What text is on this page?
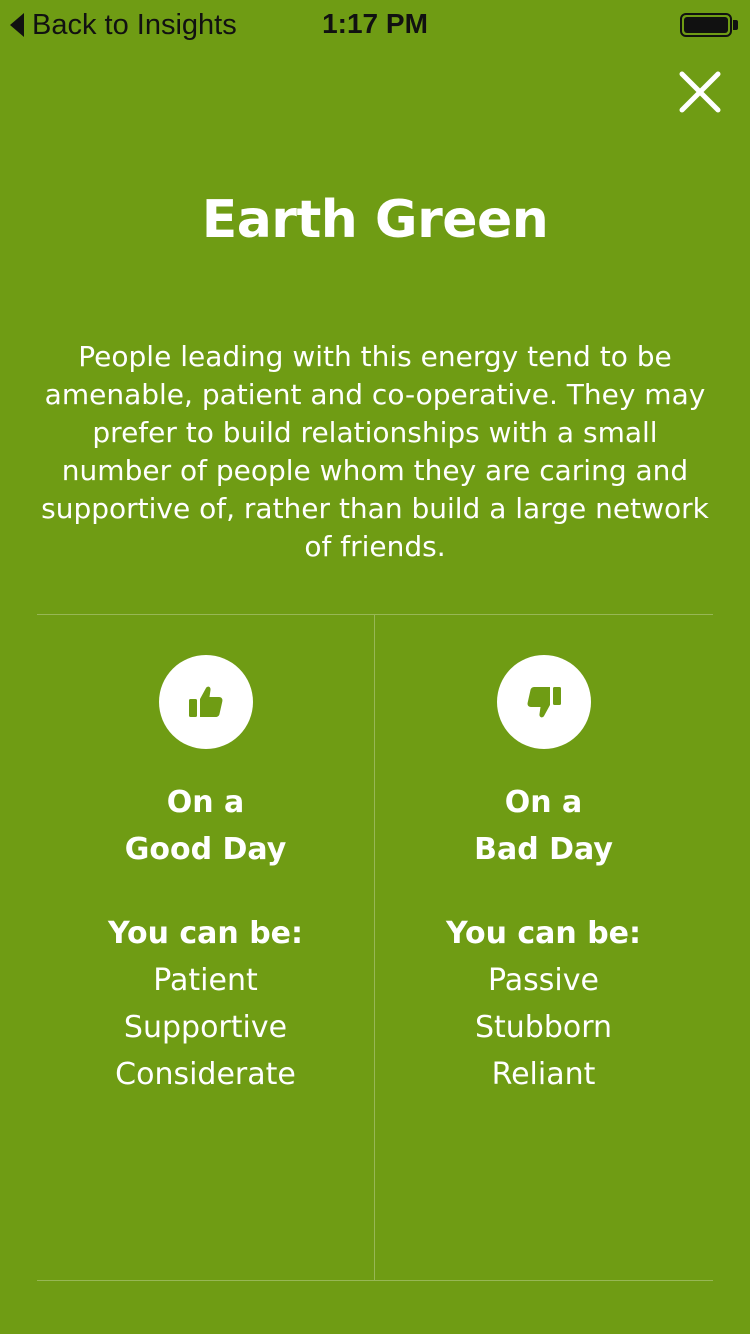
Back to Insights	1:17 PM
Earth Green
People leading with this energy tend to be amenable, patient and co-operative. They may prefer to build relationships with a small number of people whom they are caring and supportive of, rather than build a large network of friends.
On a
Good Day
You can be:
Patient
Supportive
Considerate
On a
Bad Day
You can be:
Passive
Stubborn
Reliant
